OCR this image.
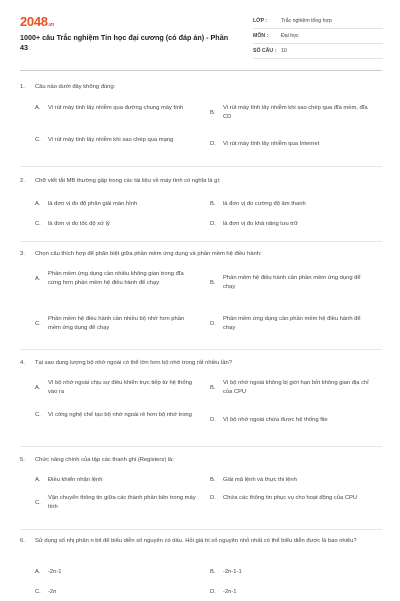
2048.vn
1000+ câu Trắc nghiệm Tin học đại cương (có đáp án) - Phần 43
LỚP :	Trắc nghiệm tổng hợp
MÔN :	Đại học
SỐ CÂU : 10
1. Câu nào dưới đây không đúng:
A.	Vi rút máy tính lây nhiễm qua đường chung máy tính
B.
Vi rút máy tính lây nhiễm khi sao chép qua đĩa mềm, đĩa CD
C.	Vi rút máy tính lây nhiễm khi sao chép qua mạng
D.	Vi rút máy tính lây nhiễm qua Internet
2. Chữ viết tắt MB thường gặp trong các tài liệu về máy tính có nghĩa là gì:
A.	là đơn vị đo độ phân giải màn hình	B.	là đơn vị đo cường độ âm thanh
C.	là đơn vị đo tốc độ xử lý	D.	là đơn vị đo khả năng lưu trữ
3. Chọn câu thích hợp để phân biệt giữa phần mềm ứng dụng và phần mềm hệ điều hành:
A.
Phần mềm ứng dụng cần nhiều không gian trong đĩa cứng hơn phần mềm hệ điều hành để chạy	B.
Phần mềm hệ điều hành cần phần mềm ứng dụng để chạy
C.
Phần mềm hệ điều hành cần nhiều bộ nhớ hơn phần mềm ứng dụng để chạy
D.
Phần mềm ứng dụng cần phần mềm hệ điều hành để chạy
4. Tại sao dung lượng bộ nhớ ngoài có thể lớn hơn bộ nhớ trong rất nhiều lần?
A.
Vì bộ nhớ ngoài chịu sự điều khiển trực tiếp từ hệ thống vào ra
B.
Vì bộ nhớ ngoài không bị giới hạn bởi không gian địa chỉ của CPU
C.	Vì công nghệ chế tạo bộ nhớ ngoài rẻ hơn bộ nhớ trong
D.	Vì bộ nhớ ngoài chứa được hệ thống file
5. Chức năng chính của tập các thanh ghi (Registers) là:
A.	Điều khiển nhận lệnh	B.	Giải mã lệnh và thực thi lệnh
C.
Vận chuyển thông tin giữa các thành phần bên trong máy tính
D.	Chứa các thông tin phục vụ cho hoạt động của CPU
6. Sử dụng số nhị phân n bit để biểu diễn số nguyên có dấu. Hỏi giá trị số nguyên nhỏ nhất có thể biểu diễn được là bao nhiêu?
A.	-2n-1	B.	-2n-1-1
C.	-2n	D.	-2n-1
